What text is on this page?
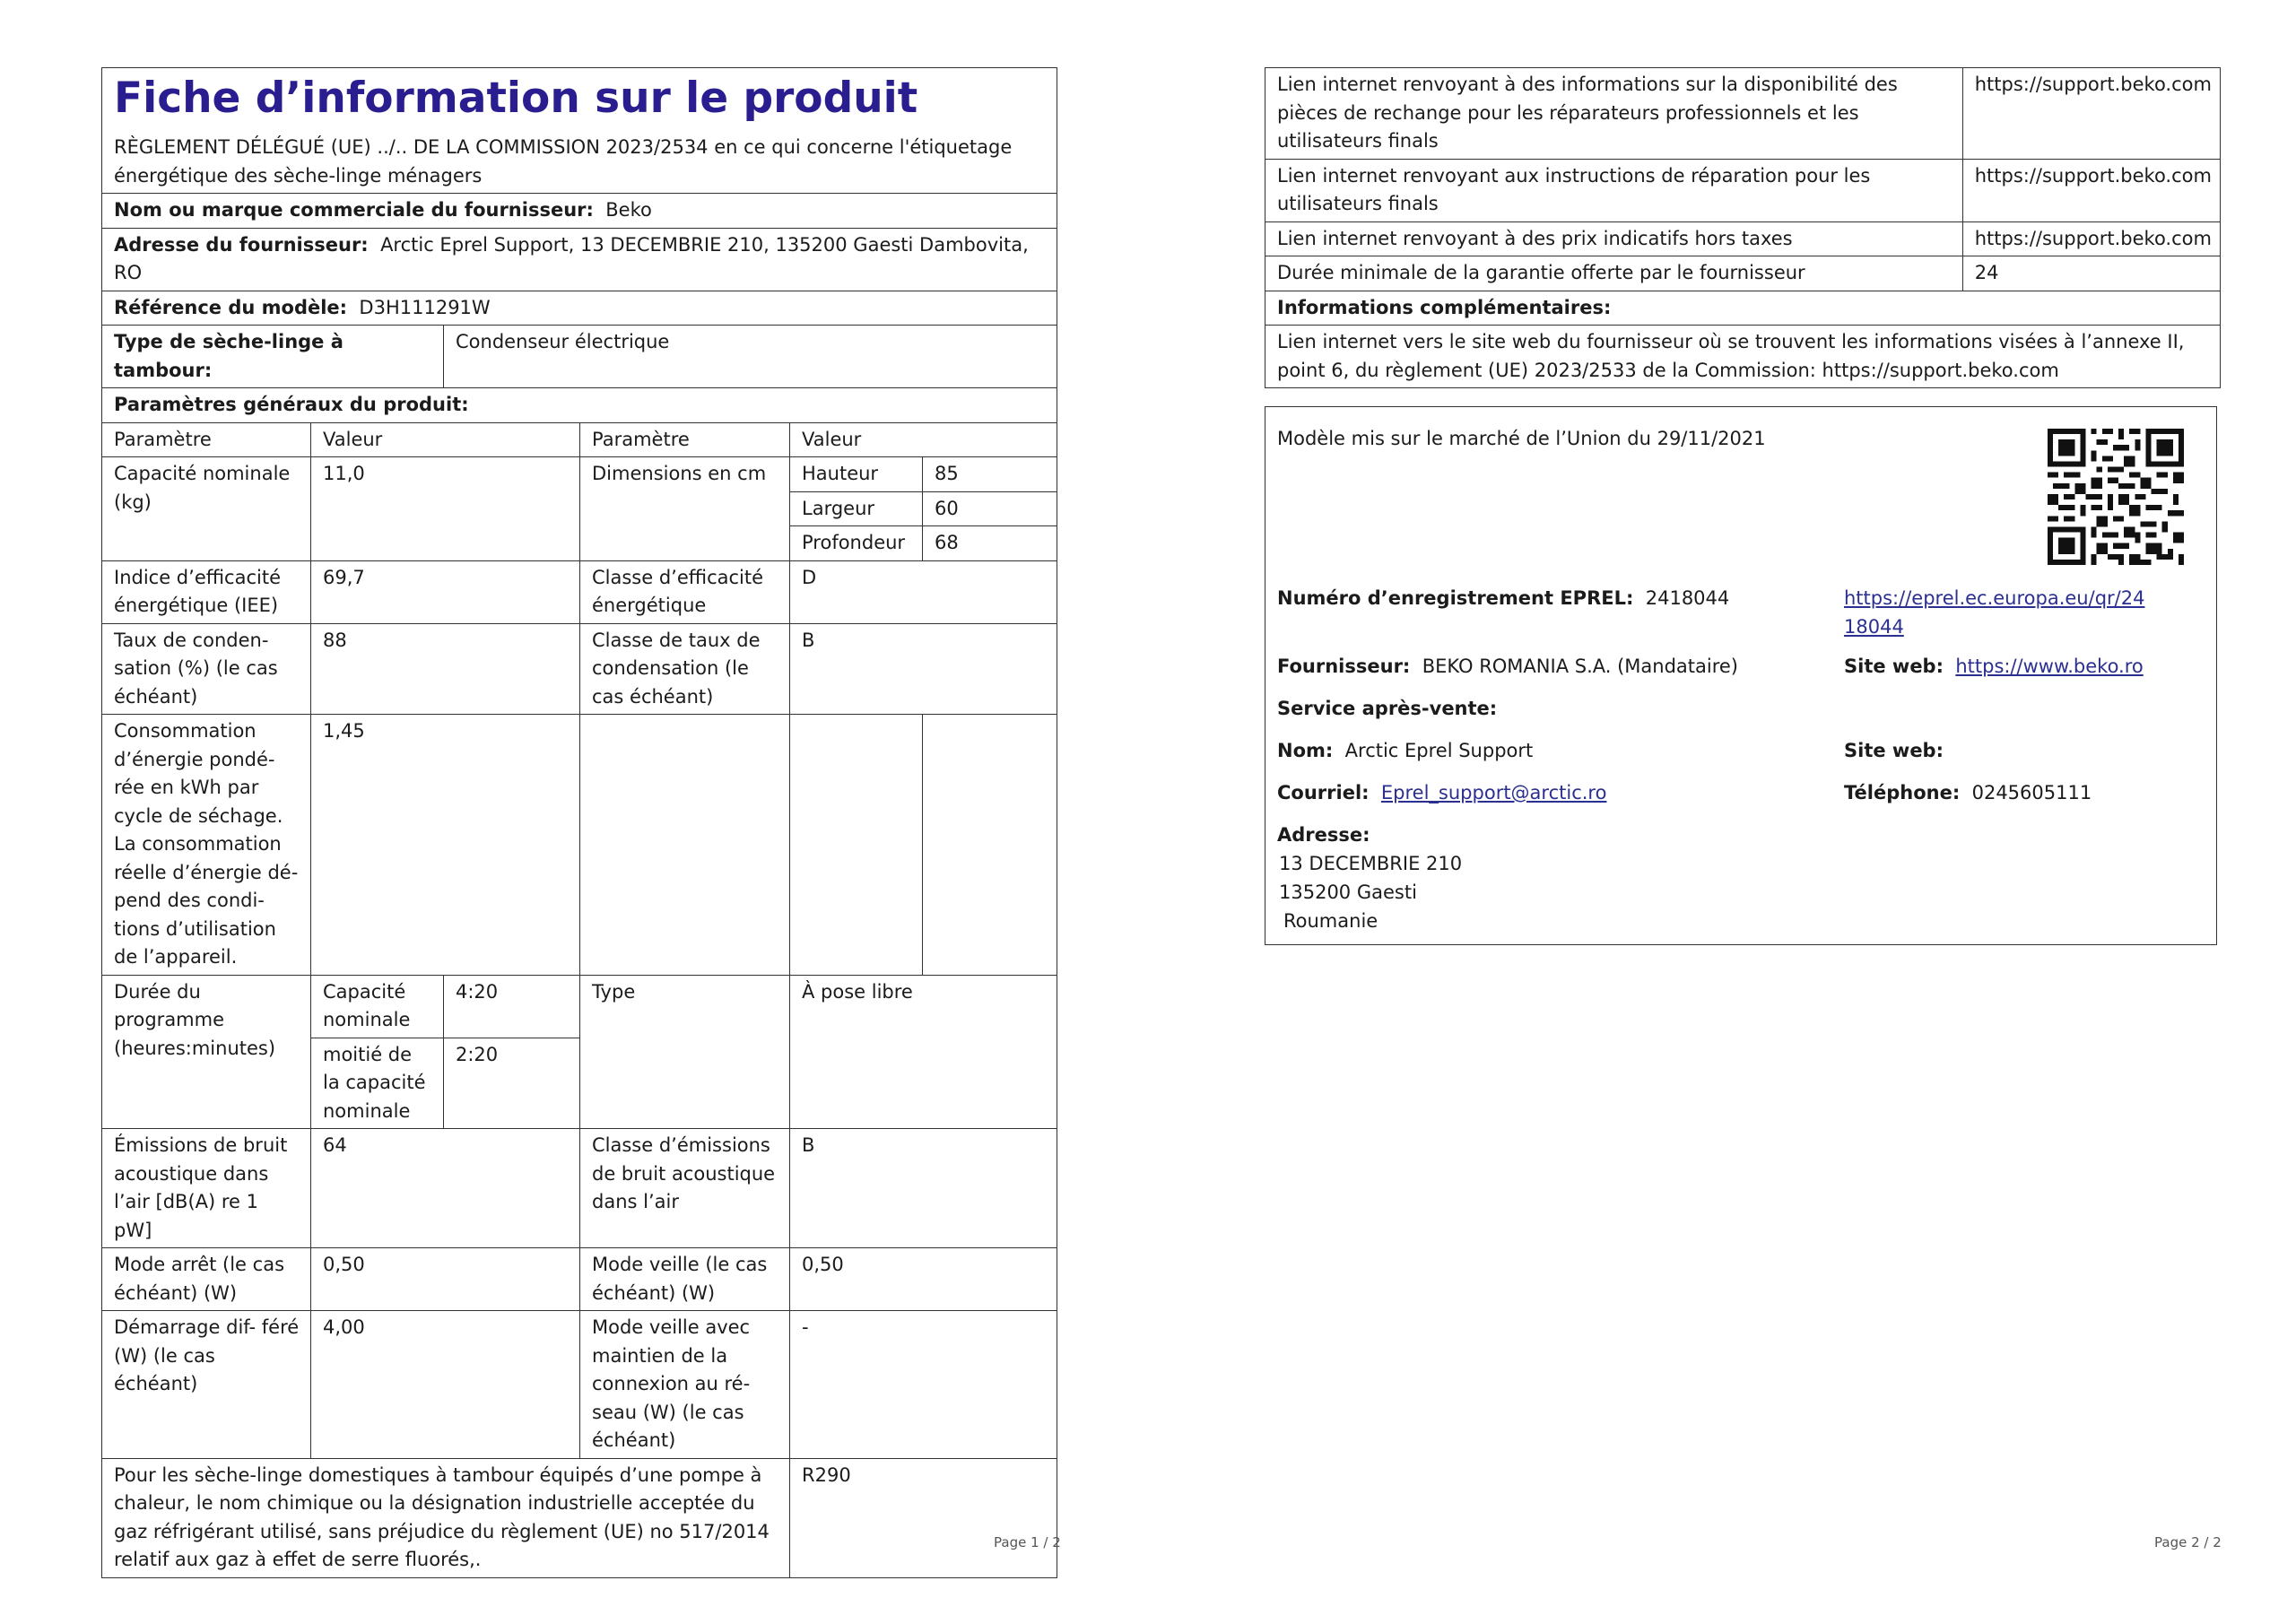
Fiche d’information sur le produit
RÈGLEMENT DÉLÉGUÉ (UE) ../.. DE LA COMMISSION 2023/2534 en ce qui concerne l'étiquetage énergétique des sèche-linge ménagers					

Nom ou marque commerciale du fournisseur: Beko					
Adresse du fournisseur: Arctic Eprel Support, 13 DECEMBRIE 210, 135200 Gaesti Dambovita, RO					
Référence du modèle: D3H111291W					
Type de sèche-linge à tambour:		Condenseur électrique			
Paramètres généraux du produit:					
Paramètre	Valeur		Paramètre	Valeur	
Capacité nominale (kg)	11,0		Dimensions en cm	Hauteur	85
				Largeur	60
				Profondeur	68
Indice d’efficacité énergétique (IEE)	69,7		Classe d’efficacité énergétique	D	
Taux de conden- sation (%) (le cas échéant)	88		Classe de taux de condensation (le cas échéant)	B	
Consommation d’énergie pondé- rée en kWh par cycle de séchage. La consommation réelle d’énergie dé- pend des condi- tions d’utilisation de l’appareil.	1,45				
Durée du programme (heures:minutes)	Capacité nominale	4:20	Type	À pose libre	
	moitié de la capacité nominale	2:20			
Émissions de bruit acoustique dans l’air [dB(A) re 1 pW]	64		Classe d’émissions de bruit acoustique dans l’air	B	
Mode arrêt (le cas échéant) (W)	0,50		Mode veille (le cas échéant) (W)	0,50	
Démarrage dif- féré (W) (le cas échéant)	4,00		Mode veille avec maintien de la connexion au ré- seau (W) (le cas échéant)	-	
Pour les sèche-linge domestiques à tambour équipés d’une pompe à chaleur, le nom chimique ou la désignation industrielle acceptée du gaz réfrigérant utilisé, sans préjudice du règlement (UE) no 517/2014 relatif aux gaz à effet de serre fluorés,.				R290	
Page 1 / 2
Lien internet renvoyant à des informations sur la disponibilité des pièces de rechange pour les réparateurs professionnels et les utilisateurs finals	https://support.beko.com
Lien internet renvoyant aux instructions de réparation pour les utilisateurs finals	https://support.beko.com
Lien internet renvoyant à des prix indicatifs hors taxes	https://support.beko.com
Durée minimale de la garantie offerte par le fournisseur	24
Informations complémentaires:	
Lien internet vers le site web du fournisseur où se trouvent les informations visées à l’annexe II, point 6, du règlement (UE) 2023/2533 de la Commission: https://support.beko.com	
Modèle mis sur le marché de l’Union du 29/11/2021
Numéro d’enregistrement EPREL: 2418044	https://eprel.ec.europa.eu/qr/24
18044
Fournisseur: BEKO ROMANIA S.A. (Mandataire)	Site web: https://www.beko.ro
Service après-vente:
Nom: Arctic Eprel Support	Site web:
Courriel: Eprel_support@arctic.ro	Téléphone: 0245605111
Adresse:
13 DECEMBRIE 210
135200 Gaesti
Roumanie
Page 2 / 2
